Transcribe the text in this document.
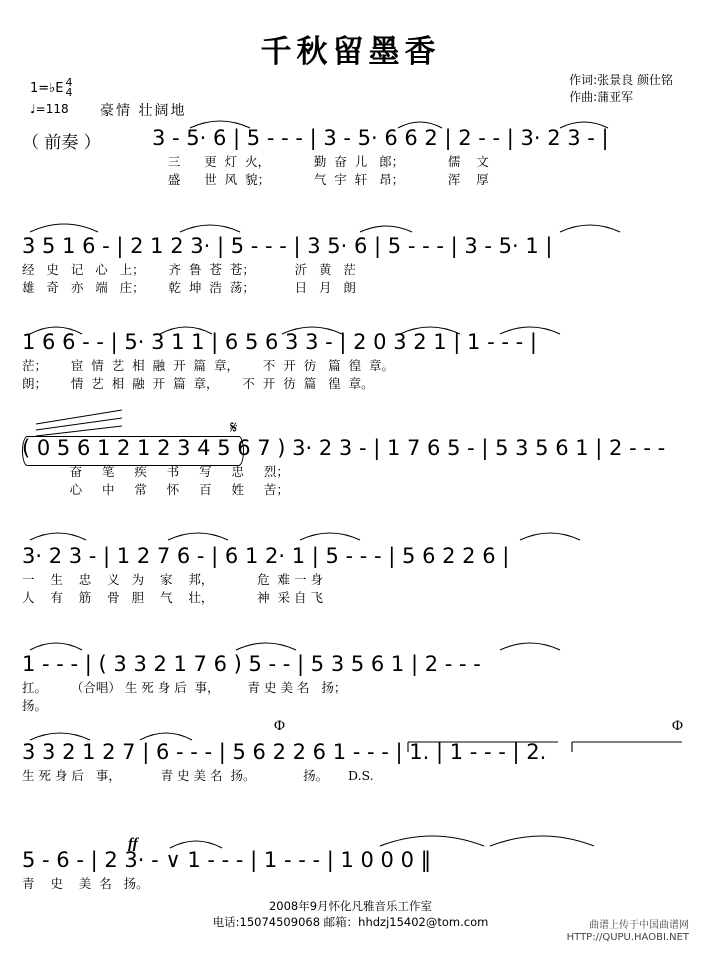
千秋留墨香
作词:张景良 颜仕铭
作曲:蒲亚军
1=♭E 4
4
♩=118 豪情 壮阔地
（ 前奏 ） 3 - 5· 6 | 5 - - - | 3 - 5· 6 6 2 | 2 - - | 3· 2 3 - |
三      更  灯  火，           勤  奋  儿   郎；           儒    文
盛      世  风  貌；           气  宇  轩   昂；           浑    厚
3 5 1 6 - | 2 1 2 3· | 5 - - - | 3 5· 6 | 5 - - - | 3 - 5· 1 |
经   史   记   心   上；      齐  鲁  苍  苍；          沂   黄   茫
雄   奇   亦   端   庄；      乾  坤  浩  荡；          日   月   朗
1 6 6 - - | 5· 3 1 1 | 6 5 6 3 3 - | 2 0 3 2 1 | 1 - - - |
茫；      宦  情  艺  相  融  开  篇  章，      不  开  彷   篇  徨  章。
朗；      情  艺  相  融  开  篇  章，      不  开  彷  篇   徨  章。
( 0 5 6 1 2 1 2 3 4 5 6 7 ) 3· 2 3 - | 1 7 6 5 - | 5 3 5 6 1 | 2 - - -
奋     笔     疾     书     写     忠     烈；
心     中     常     怀     百     姓     苦；
𝄋
3· 2 3 - | 1 2 7 6 - | 6 1 2· 1 | 5 - - - | 5 6 2 2 6 |
一    生    忠    义   为    家    邦，           危  难 一 身
人    有    筋    骨   胆    气    壮，           神  采 自 飞
1 - - - | ( 3 3 2 1 7 6 ) 5 - - | 5 3 5 6 1 | 2 - - -
扛。      （合唱） 生 死 身 后  事，       青 史 美 名   扬；
扬。
3 3 2 1 2 7 | 6 - - - | 5 6 2 2 6 1 - - - | 1. | 1 - - - | 2.
生 死 身 后   事，          青 史 美 名  扬。            扬。     D.S.
Φ	Φ
5 - 6 - | 2 3· - ∨ 1 - - - | 1 - - - | 1 0 0 0 ‖
青    史    美  名   扬。
ff
2008年9月怀化凡雅音乐工作室
电话:15074509068 邮箱：hhdzj15402@tom.com	曲谱上传于中国曲谱网
HTTP://QUPU.HAOBI.NET
